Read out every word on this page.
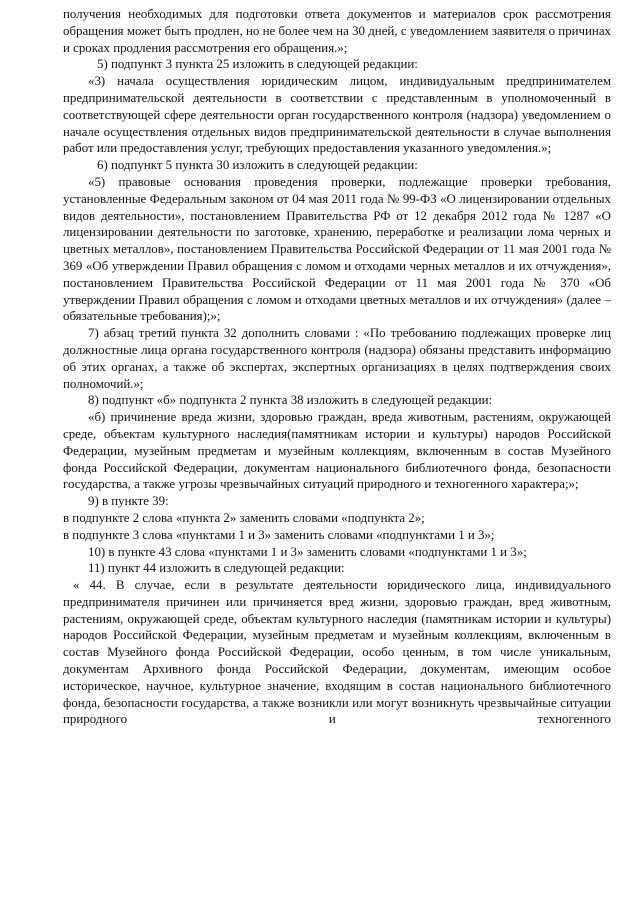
получения необходимых для подготовки ответа документов и материалов срок рассмотрения обращения может быть продлен, но не более чем на 30 дней, с уведомлением заявителя о причинах и сроках продления рассмотрения его обращения.»;

5) подпункт 3 пункта 25 изложить в следующей редакции:

«3) начала осуществления юридическим лицом, индивидуальным предпринимателем предпринимательской деятельности в соответствии с представленным в уполномоченный в соответствующей сфере деятельности орган государственного контроля (надзора) уведомлением о начале осуществления отдельных видов предпринимательской деятельности в случае выполнения работ или предоставления услуг, требующих предоставления указанного уведомления.»;

6) подпункт 5 пункта 30 изложить в следующей редакции:

«5) правовые основания проведения проверки, подлежащие проверки требования, установленные Федеральным законом от 04 мая 2011 года № 99-ФЗ «О лицензировании отдельных видов деятельности», постановлением Правительства РФ от 12 декабря 2012 года № 1287 «О лицензировании деятельности по заготовке, хранению, переработке и реализации лома черных и цветных металлов», постановлением Правительства Российской Федерации от 11 мая 2001 года № 369 «Об утверждении Правил обращения с ломом и отходами черных металлов и их отчуждения», постановлением Правительства Российской Федерации от 11 мая 2001 года № 370 «Об утверждении Правил обращения с ломом и отходами цветных металлов и их отчуждения» (далее – обязательные требования);»;

7) абзац третий пункта 32 дополнить словами : «По требованию подлежащих проверке лиц должностные лица органа государственного контроля (надзора) обязаны представить информацию об этих органах, а также об экспертах, экспертных организациях в целях подтверждения своих полномочий.»;

8) подпункт «б» подпункта 2 пункта 38 изложить в следующей редакции:

«б) причинение вреда жизни, здоровью граждан, вреда животным, растениям, окружающей среде, объектам культурного наследия(памятникам истории и культуры) народов Российской Федерации, музейным предметам и музейным коллекциям, включенным в состав Музейного фонда Российской Федерации, документам национального библиотечного фонда, безопасности государства, а также угрозы чрезвычайных ситуаций природного и техногенного характера;»;

9) в пункте 39:

в подпункте 2 слова «пункта 2» заменить словами «подпункта 2»;

в подпункте 3 слова «пунктами 1 и 3» заменить словами «подпунктами 1 и 3»;

10) в пункте 43 слова «пунктами 1 и 3» заменить словами «подпунктами 1 и 3»;

11) пункт 44 изложить в следующей редакции:

« 44. В случае, если в результате деятельности юридического лица, индивидуального предпринимателя причинен или причиняется вред жизни, здоровью граждан, вред животным, растениям, окружающей среде, объектам культурного наследия (памятникам истории и культуры) народов Российской Федерации, музейным предметам и музейным коллекциям, включенным в состав Музейного фонда Российской Федерации, особо ценным, в том числе уникальным, документам Архивного фонда Российской Федерации, документам, имеющим особое историческое, научное, культурное значение, входящим в состав национального библиотечного фонда, безопасности государства, а также возникли или могут возникнуть чрезвычайные ситуации природного и техногенного
